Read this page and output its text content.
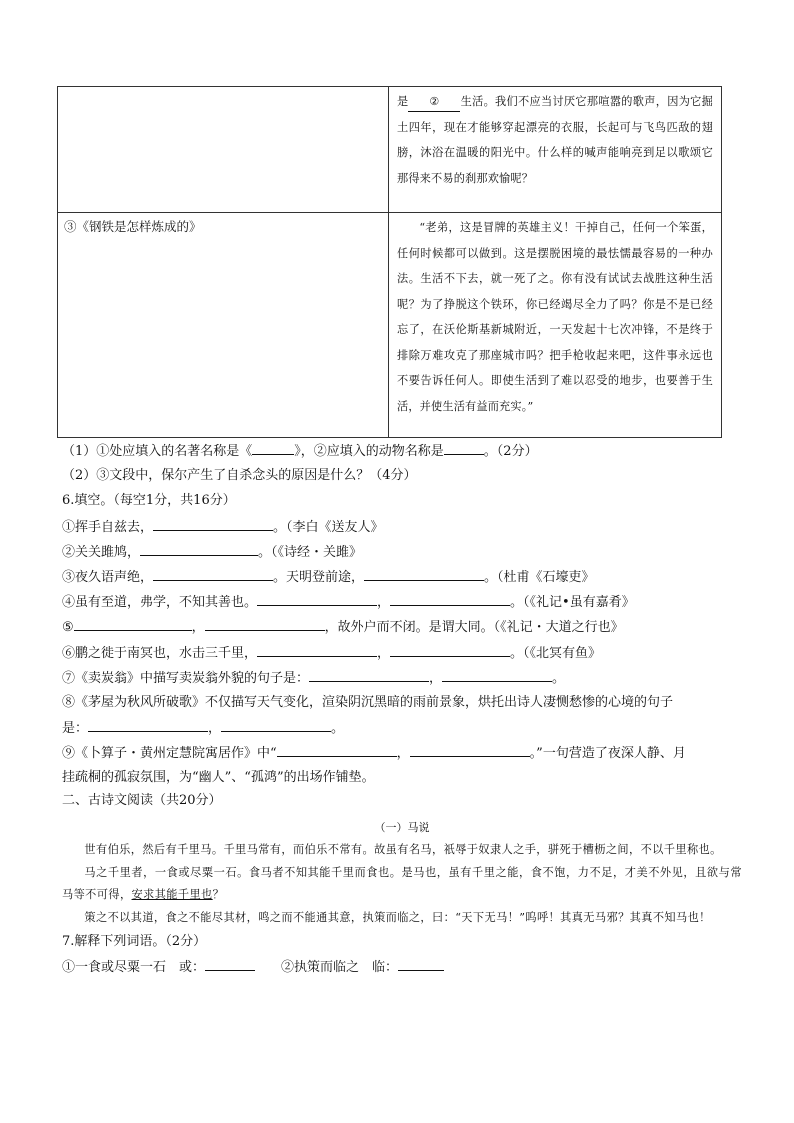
	是 ② 生活。我们不应当讨厌它那喧嚣的歌声，因为它掘土四年，现在才能够穿起漂亮的衣服，长起可与飞鸟匹敌的翅膀，沐浴在温暖的阳光中。什么样的喊声能响亮到足以歌颂它那得来不易的刹那欢愉呢？

③《钢铁是怎样炼成的》	“老弟，这是冒牌的英雄主义！干掉自己，任何一个笨蛋，任何时候都可以做到。这是摆脱困境的最怯懦最容易的一种办法。生活不下去，就一死了之。你有没有试试去战胜这种生活呢？为了挣脱这个铁环，你已经竭尽全力了吗？你是不是已经忘了，在沃伦斯基新城附近，一天发起十七次冲锋，不是终于排除万难攻克了那座城市吗？把手枪收起来吧，这件事永远也不要告诉任何人。即使生活到了难以忍受的地步，也要善于生活，并使生活有益而充实。”
（1）①处应填入的名著名称是《	》，②应填入的动物名称是	。（2分）
（2）③文段中，保尔产生了自杀念头的原因是什么？（4分）
6.填空。（每空1分，共16分）
①挥手自兹去，	。（李白《送友人》
②关关雎鸠，	。（《诗经・关雎》
③夜久语声绝，	。天明登前途，	。（杜甫《石壕吏》
④虽有至道，弗学，不知其善也。	，	。（《礼记•虽有嘉肴》
⑤	，	，故外户而不闭。是谓大同。（《礼记・大道之行也》
⑥鹏之徙于南冥也，水击三千里，	，	。（《北冥有鱼》
⑦《卖炭翁》中描写卖炭翁外貌的句子是：	，	。
⑧《茅屋为秋风所破歌》不仅描写天气变化，渲染阴沉黑暗的雨前景象，烘托出诗人凄恻愁惨的心境的句子
是：	，	。
⑨《卜算子・黄州定慧院寓居作》中“	，	。”一句营造了夜深人静、月
挂疏桐的孤寂氛围，为“幽人”、“孤鸿”的出场作铺垫。
二、古诗文阅读（共20分）
（一）马说
世有伯乐，然后有千里马。千里马常有，而伯乐不常有。故虽有名马，祇辱于奴隶人之手，骈死于槽枥之间，不以千里称也。
马之千里者，一食或尽粟一石。食马者不知其能千里而食也。是马也，虽有千里之能，食不饱，力不足，才美不外见，且欲与常马等不可得，安求其能千里也？
策之不以其道，食之不能尽其材，鸣之而不能通其意，执策而临之，曰：“天下无马！”呜呼！其真无马邪？其真不知马也！
7.解释下列词语。（2分）
①一食或尽粟一石　或：	②执策而临之　临：
